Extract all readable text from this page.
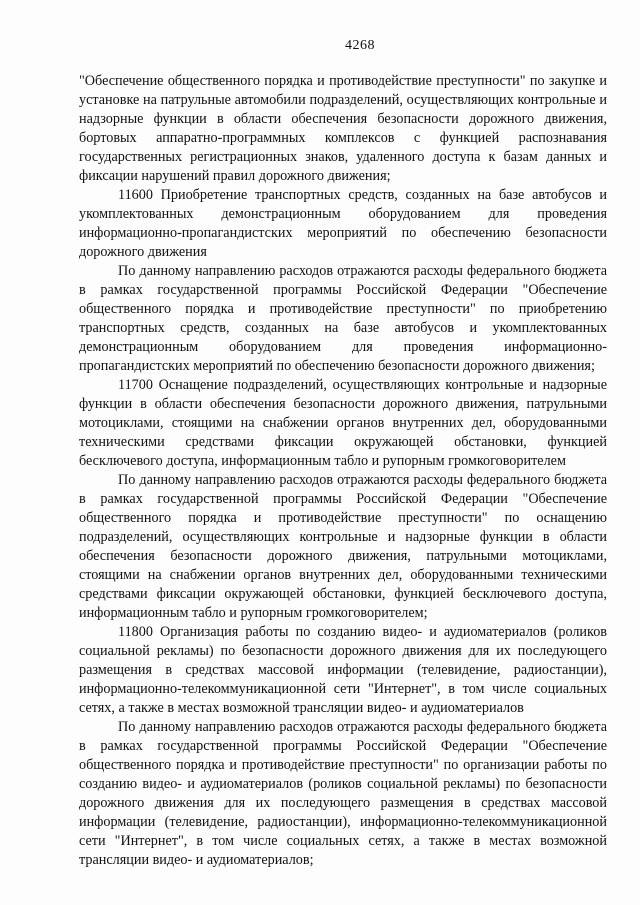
4268

"Обеспечение общественного порядка и противодействие преступности" по закупке и установке на патрульные автомобили подразделений, осуществляющих контрольные и надзорные функции в области обеспечения безопасности дорожного движения, бортовых аппаратно-программных комплексов с функцией распознавания государственных регистрационных знаков, удаленного доступа к базам данных и фиксации нарушений правил дорожного движения;

11600 Приобретение транспортных средств, созданных на базе автобусов и укомплектованных демонстрационным оборудованием для проведения информационно-пропагандистских мероприятий по обеспечению безопасности дорожного движения

По данному направлению расходов отражаются расходы федерального бюджета в рамках государственной программы Российской Федерации "Обеспечение общественного порядка и противодействие преступности" по приобретению транспортных средств, созданных на базе автобусов и укомплектованных демонстрационным оборудованием для проведения информационно-пропагандистских мероприятий по обеспечению безопасности дорожного движения;

11700 Оснащение подразделений, осуществляющих контрольные и надзорные функции в области обеспечения безопасности дорожного движения, патрульными мотоциклами, стоящими на снабжении органов внутренних дел, оборудованными техническими средствами фиксации окружающей обстановки, функцией бесключевого доступа, информационным табло и рупорным громкоговорителем

По данному направлению расходов отражаются расходы федерального бюджета в рамках государственной программы Российской Федерации "Обеспечение общественного порядка и противодействие преступности" по оснащению подразделений, осуществляющих контрольные и надзорные функции в области обеспечения безопасности дорожного движения, патрульными мотоциклами, стоящими на снабжении органов внутренних дел, оборудованными техническими средствами фиксации окружающей обстановки, функцией бесключевого доступа, информационным табло и рупорным громкоговорителем;

11800 Организация работы по созданию видео- и аудиоматериалов (роликов социальной рекламы) по безопасности дорожного движения для их последующего размещения в средствах массовой информации (телевидение, радиостанции), информационно-телекоммуникационной сети "Интернет", в том числе социальных сетях, а также в местах возможной трансляции видео- и аудиоматериалов

По данному направлению расходов отражаются расходы федерального бюджета в рамках государственной программы Российской Федерации "Обеспечение общественного порядка и противодействие преступности" по организации работы по созданию видео- и аудиоматериалов (роликов социальной рекламы) по безопасности дорожного движения для их последующего размещения в средствах массовой информации (телевидение, радиостанции), информационно-телекоммуникационной сети "Интернет", в том числе социальных сетях, а также в местах возможной трансляции видео- и аудиоматериалов;
